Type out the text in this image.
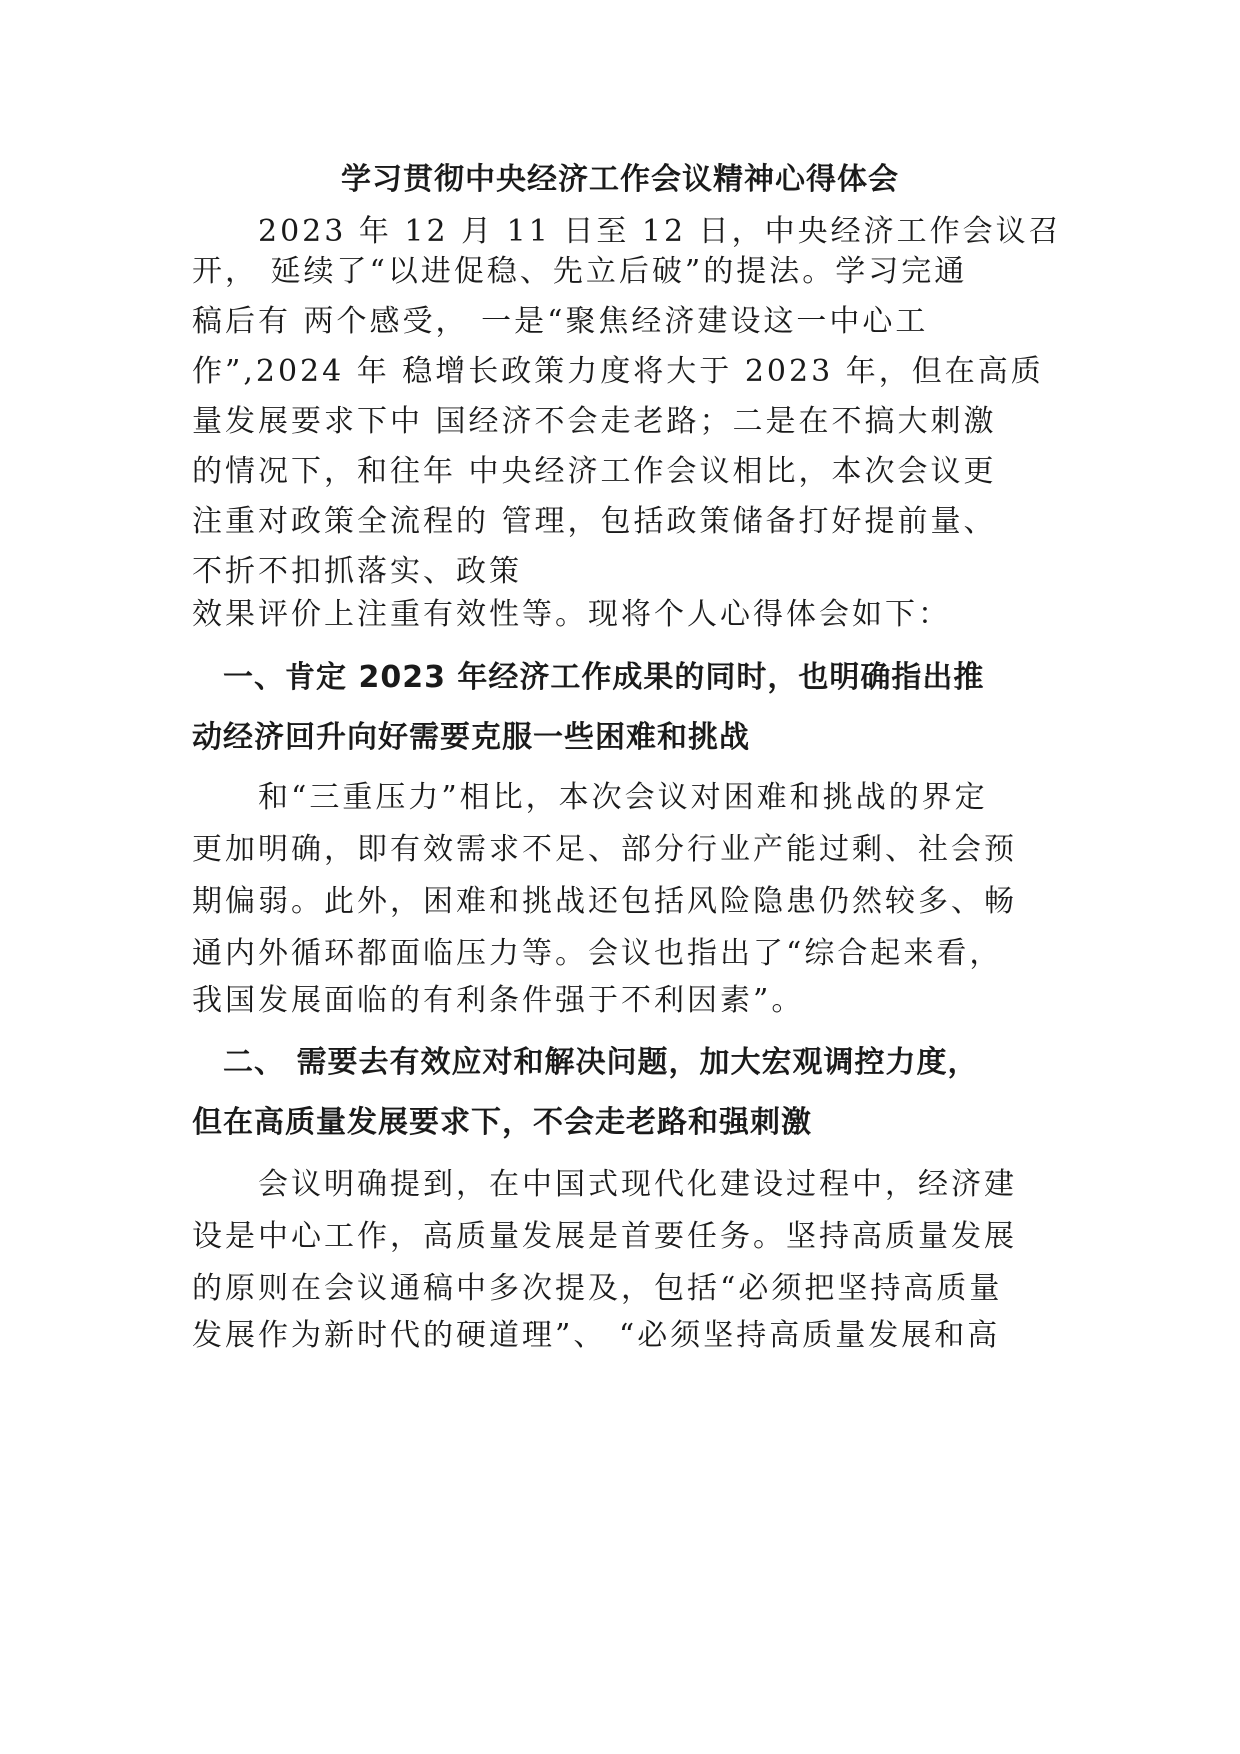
学习贯彻中央经济工作会议精神心得体会
　　2023 年 12 月 11 日至 12 日，中央经济工作会议召
开， 延续了“以进促稳、先立后破”的提法。学习完通
稿后有 两个感受， 一是“聚焦经济建设这一中心工
作”,2024 年 稳增长政策力度将大于 2023 年，但在高质
量发展要求下中 国经济不会走老路；二是在不搞大刺激
的情况下，和往年 中央经济工作会议相比，本次会议更
注重对政策全流程的 管理，包括政策储备打好提前量、
不折不扣抓落实、政策
效果评价上注重有效性等。现将个人心得体会如下：
　一、肯定 2023 年经济工作成果的同时，也明确指出推
动经济回升向好需要克服一些困难和挑战
　　和“三重压力”相比，本次会议对困难和挑战的界定
更加明确，即有效需求不足、部分行业产能过剩、社会预
期偏弱。此外，困难和挑战还包括风险隐患仍然较多、畅
通内外循环都面临压力等。会议也指出了“综合起来看，
我国发展面临的有利条件强于不利因素”。
　二、 需要去有效应对和解决问题，加大宏观调控力度，
但在高质量发展要求下，不会走老路和强刺激
　　会议明确提到，在中国式现代化建设过程中，经济建
设是中心工作，高质量发展是首要任务。坚持高质量发展
的原则在会议通稿中多次提及，包括“必须把坚持高质量
发展作为新时代的硬道理”、 “必须坚持高质量发展和高
